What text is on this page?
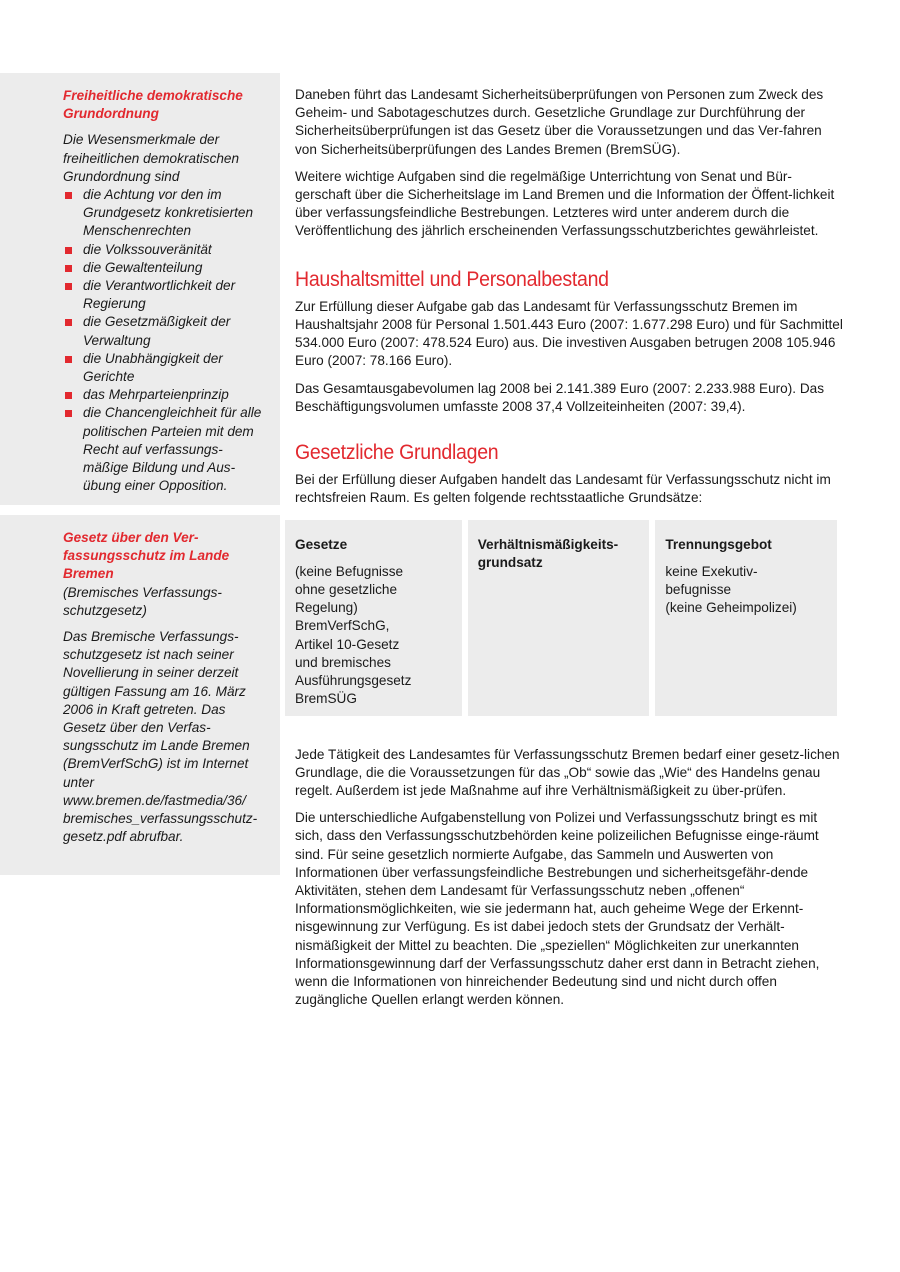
Freiheitliche demokratische Grundordnung

Die Wesensmerkmale der freiheitlichen demokratischen Grundordnung sind

die Achtung vor den im Grundgesetz konkretisierten Menschenrechten
die Volkssouveränität
die Gewaltenteilung
die Verantwortlichkeit der Regierung
die Gesetzmäßigkeit der Verwaltung
die Unabhängigkeit der Gerichte
das Mehrparteienprinzip
die Chancengleichheit für alle politischen Parteien mit dem Recht auf verfassungs-mäßige Bildung und Aus-übung einer Opposition.

Gesetz über den Ver-fassungsschutz im Lande Bremen

(Bremisches Verfassungs-schutzgesetz)

Das Bremische Verfassungs-schutzgesetz ist nach seiner Novellierung in seiner derzeit gültigen Fassung am 16. März 2006 in Kraft getreten. Das Gesetz über den Verfas-sungsschutz im Lande Bremen (BremVerfSchG) ist im Internet unter www.bremen.de/fastmedia/36/ bremisches_verfassungsschutz-gesetz.pdf abrufbar.

Daneben führt das Landesamt Sicherheitsüberprüfungen von Personen zum Zweck des Geheim- und Sabotageschutzes durch. Gesetzliche Grundlage zur Durchführung der Sicherheitsüberprüfungen ist das Gesetz über die Voraussetzungen und das Ver-fahren von Sicherheitsüberprüfungen des Landes Bremen (BremSÜG).

Weitere wichtige Aufgaben sind die regelmäßige Unterrichtung von Senat und Bür-gerschaft über die Sicherheitslage im Land Bremen und die Information der Öffent-lichkeit über verfassungsfeindliche Bestrebungen. Letzteres wird unter anderem durch die Veröffentlichung des jährlich erscheinenden Verfassungsschutzberichtes gewährleistet.

Haushaltsmittel und Personalbestand

Zur Erfüllung dieser Aufgabe gab das Landesamt für Verfassungsschutz Bremen im Haushaltsjahr 2008 für Personal 1.501.443 Euro (2007: 1.677.298 Euro) und für Sachmittel 534.000 Euro (2007: 478.524 Euro) aus. Die investiven Ausgaben betrugen 2008 105.946 Euro (2007: 78.166 Euro).

Das Gesamtausgabevolumen lag 2008 bei 2.141.389 Euro (2007: 2.233.988 Euro). Das Beschäftigungsvolumen umfasste 2008 37,4 Vollzeiteinheiten (2007: 39,4).

Gesetzliche Grundlagen

Bei der Erfüllung dieser Aufgaben handelt das Landesamt für Verfassungsschutz nicht im rechtsfreien Raum. Es gelten folgende rechtsstaatliche Grundsätze:

Gesetze

(keine Befugnisse
ohne gesetzliche
Regelung)
BremVerfSchG,
Artikel 10-Gesetz
und bremisches
Ausführungsgesetz
BremSÜG

Verhältnismäßigkeits-
grundsatz

Trennungsgebot

keine Exekutiv-
befugnisse
(keine Geheimpolizei)

Jede Tätigkeit des Landesamtes für Verfassungsschutz Bremen bedarf einer gesetz-lichen Grundlage, die die Voraussetzungen für das „Ob“ sowie das „Wie“ des Handelns genau regelt. Außerdem ist jede Maßnahme auf ihre Verhältnismäßigkeit zu über-prüfen.

Die unterschiedliche Aufgabenstellung von Polizei und Verfassungsschutz bringt es mit sich, dass den Verfassungsschutzbehörden keine polizeilichen Befugnisse einge-räumt sind. Für seine gesetzlich normierte Aufgabe, das Sammeln und Auswerten von Informationen über verfassungsfeindliche Bestrebungen und sicherheitsgefähr-dende Aktivitäten, stehen dem Landesamt für Verfassungsschutz neben „offenen“ Informationsmöglichkeiten, wie sie jedermann hat, auch geheime Wege der Erkennt-nisgewinnung zur Verfügung. Es ist dabei jedoch stets der Grundsatz der Verhält-nismäßigkeit der Mittel zu beachten. Die „speziellen“ Möglichkeiten zur unerkannten Informationsgewinnung darf der Verfassungsschutz daher erst dann in Betracht ziehen, wenn die Informationen von hinreichender Bedeutung sind und nicht durch offen zugängliche Quellen erlangt werden können.
